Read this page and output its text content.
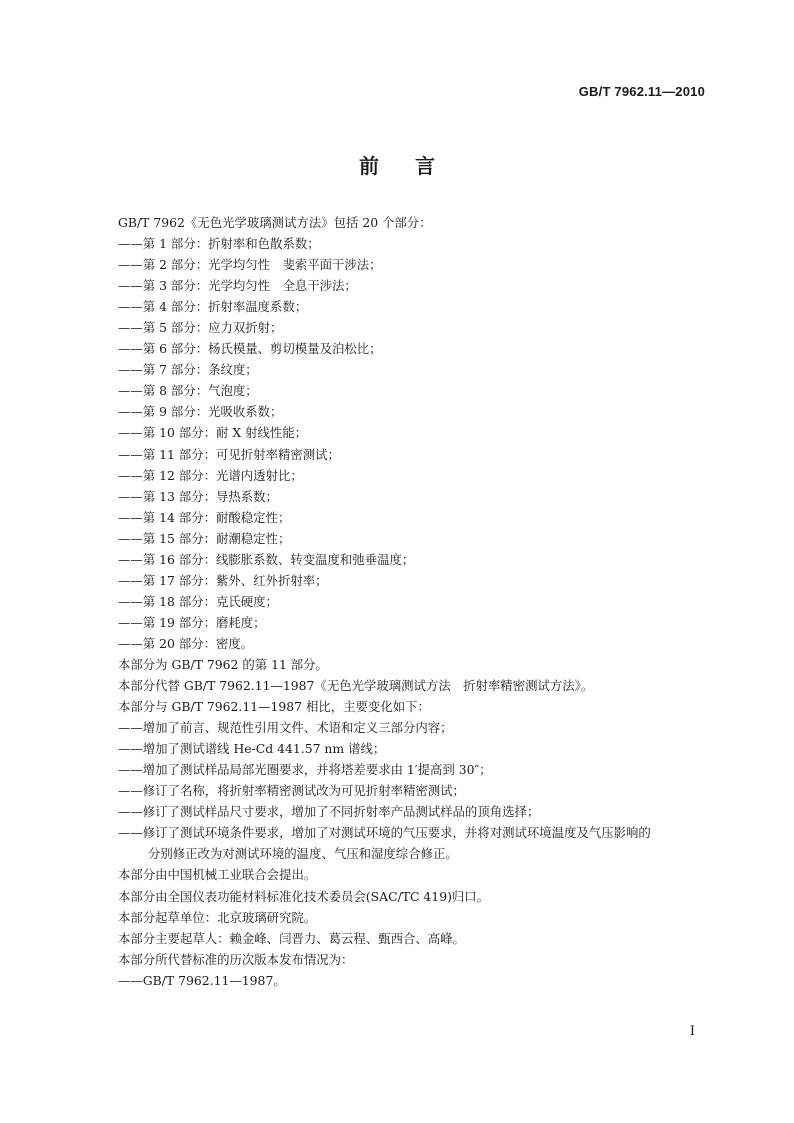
GB/T 7962.11—2010
前言
GB/T 7962《无色光学玻璃测试方法》包括 20 个部分：
——第 1 部分：折射率和色散系数；
——第 2 部分：光学均匀性　斐索平面干涉法；
——第 3 部分：光学均匀性　全息干涉法；
——第 4 部分：折射率温度系数；
——第 5 部分：应力双折射；
——第 6 部分：杨氏模量、剪切模量及泊松比；
——第 7 部分：条纹度；
——第 8 部分：气泡度；
——第 9 部分：光吸收系数；
——第 10 部分：耐 X 射线性能；
——第 11 部分：可见折射率精密测试；
——第 12 部分：光谱内透射比；
——第 13 部分：导热系数；
——第 14 部分：耐酸稳定性；
——第 15 部分：耐潮稳定性；
——第 16 部分：线膨胀系数、转变温度和弛垂温度；
——第 17 部分：紫外、红外折射率；
——第 18 部分：克氏硬度；
——第 19 部分：磨耗度；
——第 20 部分：密度。
本部分为 GB/T 7962 的第 11 部分。
本部分代替 GB/T 7962.11—1987《无色光学玻璃测试方法　折射率精密测试方法》。
本部分与 GB/T 7962.11—1987 相比，主要变化如下：
——增加了前言、规范性引用文件、术语和定义三部分内容；
——增加了测试谱线 He-Cd 441.57 nm 谱线；
——增加了测试样品局部光圈要求，并将塔差要求由 1′提高到 30″；
——修订了名称，将折射率精密测试改为可见折射率精密测试；
——修订了测试样品尺寸要求，增加了不同折射率产品测试样品的顶角选择；
——修订了测试环境条件要求，增加了对测试环境的气压要求，并将对测试环境温度及气压影响的
分别修正改为对测试环境的温度、气压和湿度综合修正。
本部分由中国机械工业联合会提出。
本部分由全国仪表功能材料标准化技术委员会(SAC/TC 419)归口。
本部分起草单位：北京玻璃研究院。
本部分主要起草人：赖金峰、闫晋力、葛云程、甄西合、高峰。
本部分所代替标准的历次版本发布情况为：
——GB/T 7962.11—1987。
I
